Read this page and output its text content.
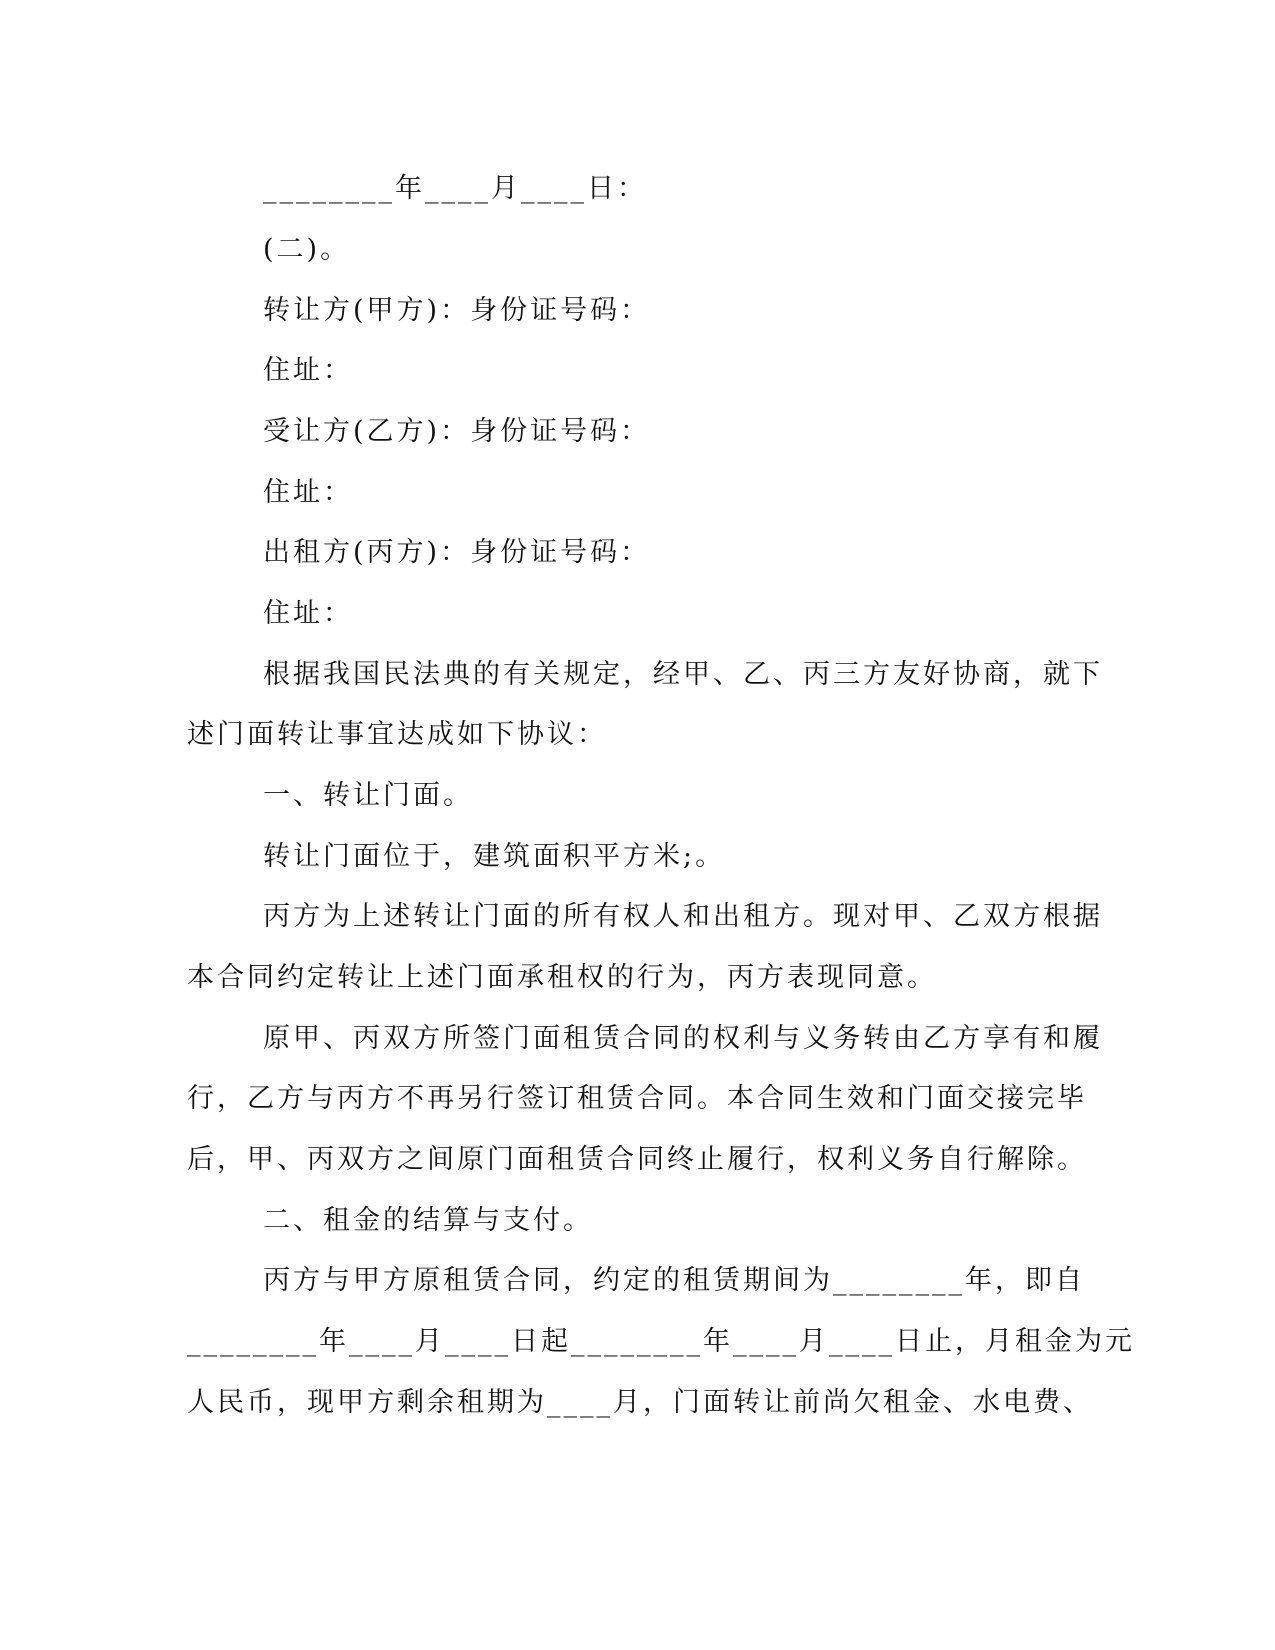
________年____月____日：
(二)。
转让方(甲方)：身份证号码：
住址：
受让方(乙方)：身份证号码：
住址：
出租方(丙方)：身份证号码：
住址：
根据我国民法典的有关规定，经甲、乙、丙三方友好协商，就下
述门面转让事宜达成如下协议：
一、转让门面。
转让门面位于，建筑面积平方米;。
丙方为上述转让门面的所有权人和出租方。现对甲、乙双方根据
本合同约定转让上述门面承租权的行为，丙方表现同意。
原甲、丙双方所签门面租赁合同的权利与义务转由乙方享有和履
行，乙方与丙方不再另行签订租赁合同。本合同生效和门面交接完毕
后，甲、丙双方之间原门面租赁合同终止履行，权利义务自行解除。
二、租金的结算与支付。
丙方与甲方原租赁合同，约定的租赁期间为________年，即自
________年____月____日起________年____月____日止，月租金为元
人民币，现甲方剩余租期为____月，门面转让前尚欠租金、水电费、
